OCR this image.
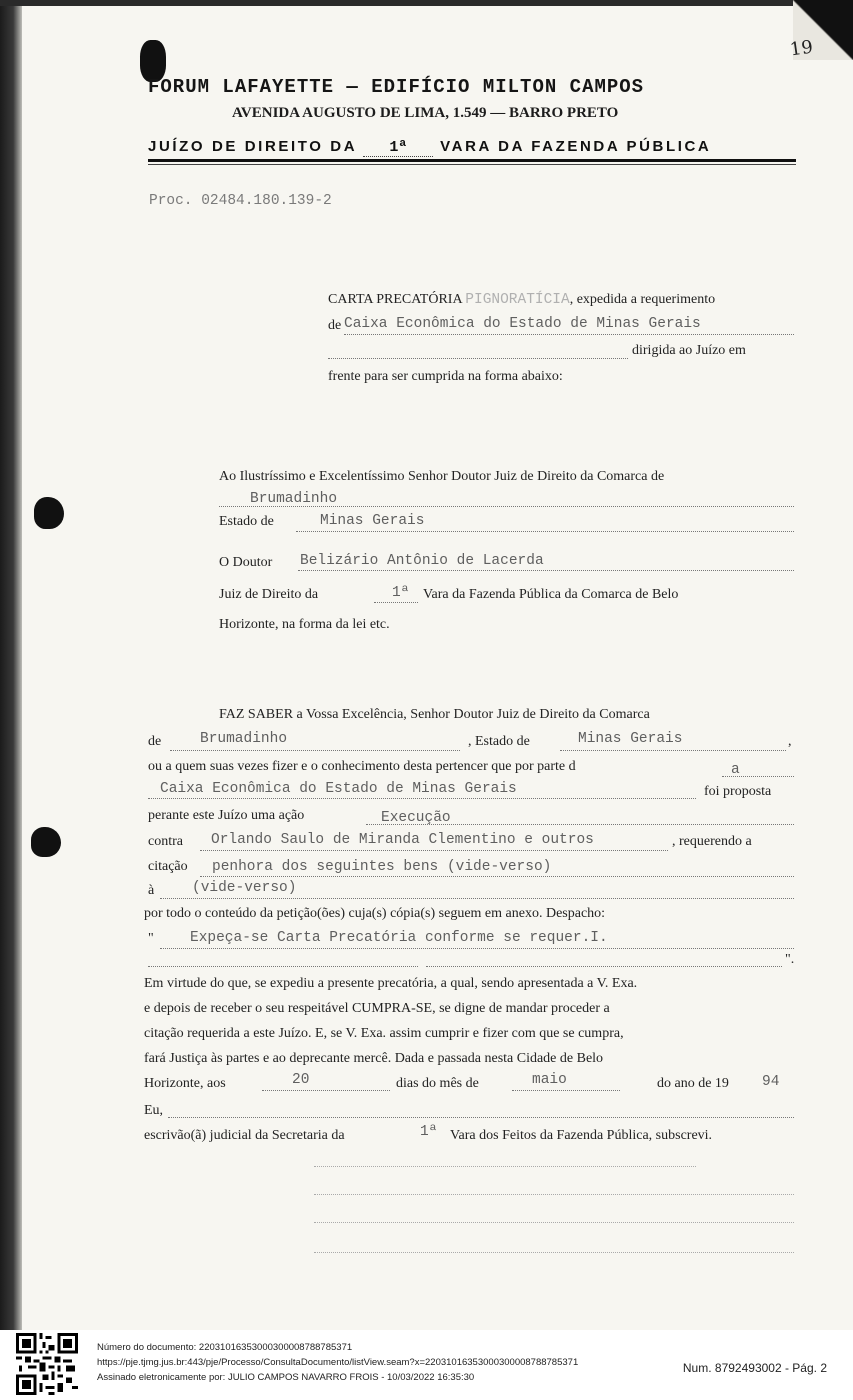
19
FORUM LAFAYETTE — EDIFÍCIO MILTON CAMPOS
AVENIDA AUGUSTO DE LIMA, 1.549 — BARRO PRETO
JUÍZO DE DIREITO DA 1ª VARA DA FAZENDA PÚBLICA
Proc. 02484.180.139-2
CARTA PRECATÓRIA PIGNORATÍCIA, expedida a requerimento
de Caixa Econômica do Estado de Minas Gerais
dirigida ao Juízo em
frente para ser cumprida na forma abaixo:
Ao Ilustríssimo e Excelentíssimo Senhor Doutor Juiz de Direito da Comarca de
Brumadinho
Estado de	Minas Gerais
O Doutor Belizário Antônio de Lacerda
Juiz de Direito da	1ª Vara da Fazenda Pública da Comarca de Belo
Horizonte, na forma da lei etc.
FAZ SABER a Vossa Excelência, Senhor Doutor Juiz de Direito da Comarca
de	Brumadinho	, Estado de	Minas Gerais	,
ou a quem suas vezes fizer e o conhecimento desta pertencer que por parte d	a
Caixa Econômica do Estado de Minas Gerais	foi proposta
perante este Juízo uma ação	Execução
contra Orlando Saulo de Miranda Clementino e outros	, requerendo a
citação penhora dos seguintes bens (vide-verso)
à	(vide-verso)
por todo o conteúdo da petição(ões) cuja(s) cópia(s) seguem em anexo. Despacho:
"	Expeça-se Carta Precatória conforme se requer.I.
".
Em virtude do que, se expediu a presente precatória, a qual, sendo apresentada a V. Exa.
e depois de receber o seu respeitável CUMPRA-SE, se digne de mandar proceder a
citação requerida a este Juízo. E, se V. Exa. assim cumprir e fizer com que se cumpra,
fará Justiça às partes e ao deprecante mercê. Dada e passada nesta Cidade de Belo
Horizonte, aos	20	dias do mês de	maio	do ano de 19 94
Eu,
escrivão(ã) judicial da Secretaria da	1ª Vara dos Feitos da Fazenda Pública, subscrevi.
Número do documento: 22031016353000300008788785371
https://pje.tjmg.jus.br:443/pje/Processo/ConsultaDocumento/listView.seam?x=22031016353000300008788785371
Assinado eletronicamente por: JULIO CAMPOS NAVARRO FROIS - 10/03/2022 16:35:30
Num. 8792493002 - Pág. 2
